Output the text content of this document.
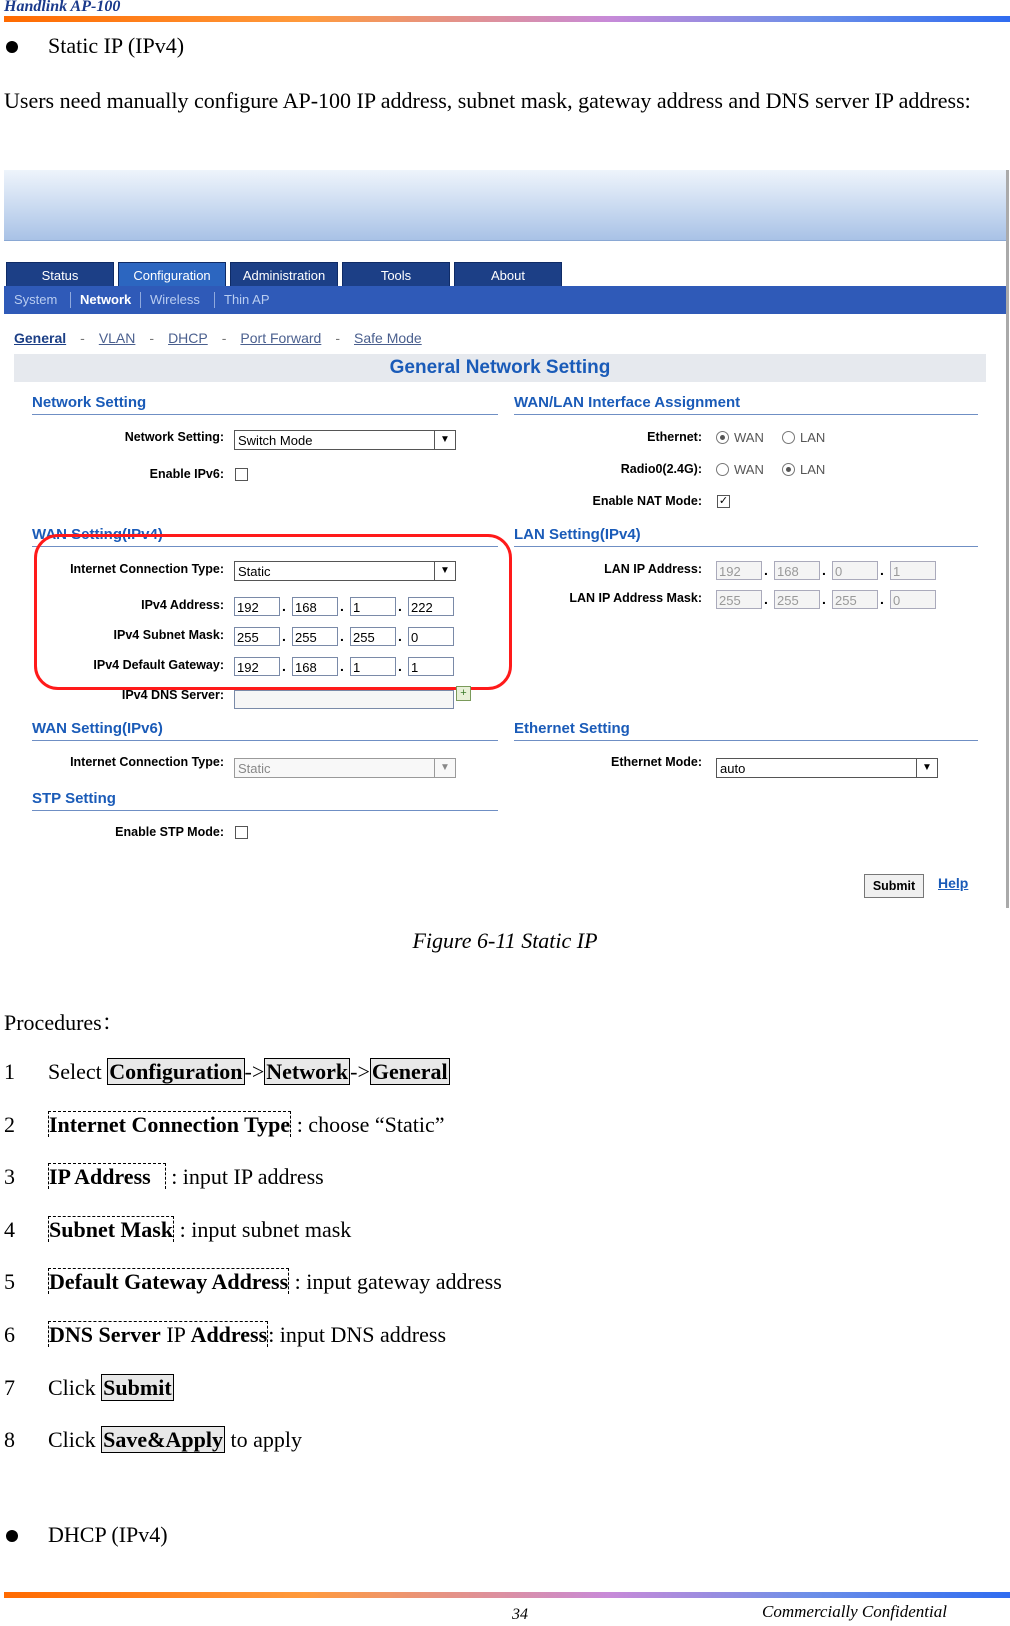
Handlink AP-100
Static IP (IPv4)
Users need manually configure AP-100 IP address, subnet mask, gateway address and DNS server IP address:
Status	Configuration	Administration	Tools	About
System Network Wireless Thin AP
General - VLAN - DHCP - Port Forward - Safe Mode
General Network Setting
Network Setting
Network Setting:	Switch Mode	▼
Enable IPv6:
WAN/LAN Interface Assignment
Ethernet: WAN	LAN
Radio0(2.4G): WAN	LAN
Enable NAT Mode: ✓
WAN Setting(IPv4)
Internet Connection Type:	Static	▼
IPv4 Address: 192	. 168	. 1	. 222
IPv4 Subnet Mask: 255	. 255	. 255	. 0
IPv4 Default Gateway: 192	. 168	. 1	. 1
IPv4 DNS Server:	+
LAN Setting(IPv4)
LAN IP Address: 192	. 168	. 0	. 1
LAN IP Address Mask: 255	. 255	. 255	. 0
WAN Setting(IPv6)
Internet Connection Type:	Static	▼
Ethernet Setting
Ethernet Mode:	auto	▼
STP Setting
Enable STP Mode:
Submit	Help
Figure 6-11 Static IP
Procedures：
1 Select Configuration->Network->General
2 Internet Connection Type : choose “Static”
3 IP Address : input IP address
4 Subnet Mask : input subnet mask
5 Default Gateway Address : input gateway address
6 DNS Server IP Address: input DNS address
7 Click Submit
8 Click Save&Apply to apply
DHCP (IPv4)
34	Commercially Confidential
